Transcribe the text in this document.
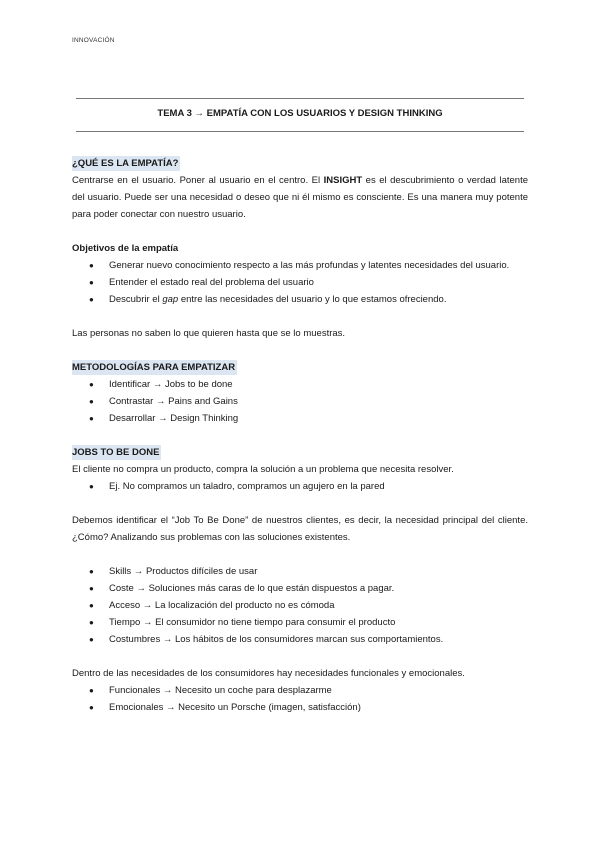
INNOVACIÓN
TEMA 3 → EMPATÍA CON LOS USUARIOS Y DESIGN THINKING
¿QUÉ ES LA EMPATÍA?

Centrarse en el usuario. Poner al usuario en el centro. El INSIGHT es el descubrimiento o verdad latente del usuario. Puede ser una necesidad o deseo que ni él mismo es consciente. Es una manera muy potente para poder conectar con nuestro usuario.

Objetivos de la empatía
● Generar nuevo conocimiento respecto a las más profundas y latentes necesidades del usuario.
● Entender el estado real del problema del usuario
● Descubrir el gap entre las necesidades del usuario y lo que estamos ofreciendo.

Las personas no saben lo que quieren hasta que se lo muestras.

METODOLOGÍAS PARA EMPATIZAR
● Identificar → Jobs to be done
● Contrastar → Pains and Gains
● Desarrollar → Design Thinking
JOBS TO BE DONE

El cliente no compra un producto, compra la solución a un problema que necesita resolver.

● Ej. No compramos un taladro, compramos un agujero en la pared

Debemos identificar el “Job To Be Done” de nuestros clientes, es decir, la necesidad principal del cliente. ¿Cómo? Analizando sus problemas con las soluciones existentes.

● Skills → Productos difíciles de usar
● Coste → Soluciones más caras de lo que están dispuestos a pagar.
● Acceso → La localización del producto no es cómoda
● Tiempo → El consumidor no tiene tiempo para consumir el producto
● Costumbres → Los hábitos de los consumidores marcan sus comportamientos.

Dentro de las necesidades de los consumidores hay necesidades funcionales y emocionales.

● Funcionales → Necesito un coche para desplazarme
● Emocionales → Necesito un Porsche (imagen, satisfacción)
